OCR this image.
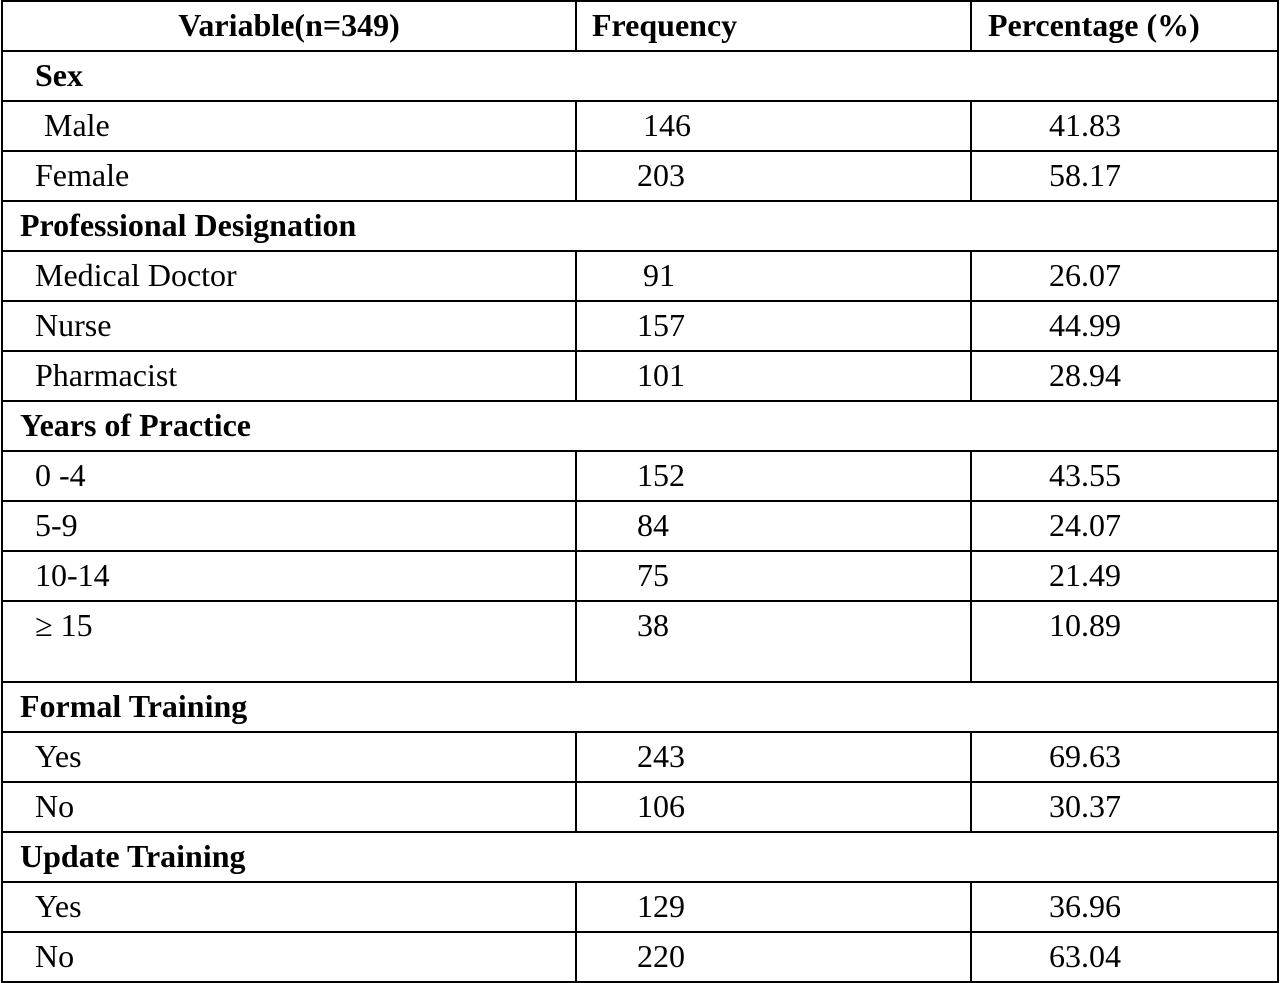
Variable(n=349)	Frequency	Percentage (%)
Sex		
Male	146	41.83
Female	203	58.17
Professional Designation		
Medical Doctor	91	26.07
Nurse	157	44.99
Pharmacist	101	28.94
Years of Practice		
0 -4	152	43.55
5-9	84	24.07
10-14	75	21.49
≥ 15	38	10.89
Formal Training		
Yes	243	69.63
No	106	30.37
Update Training		
Yes	129	36.96
No	220	63.04
